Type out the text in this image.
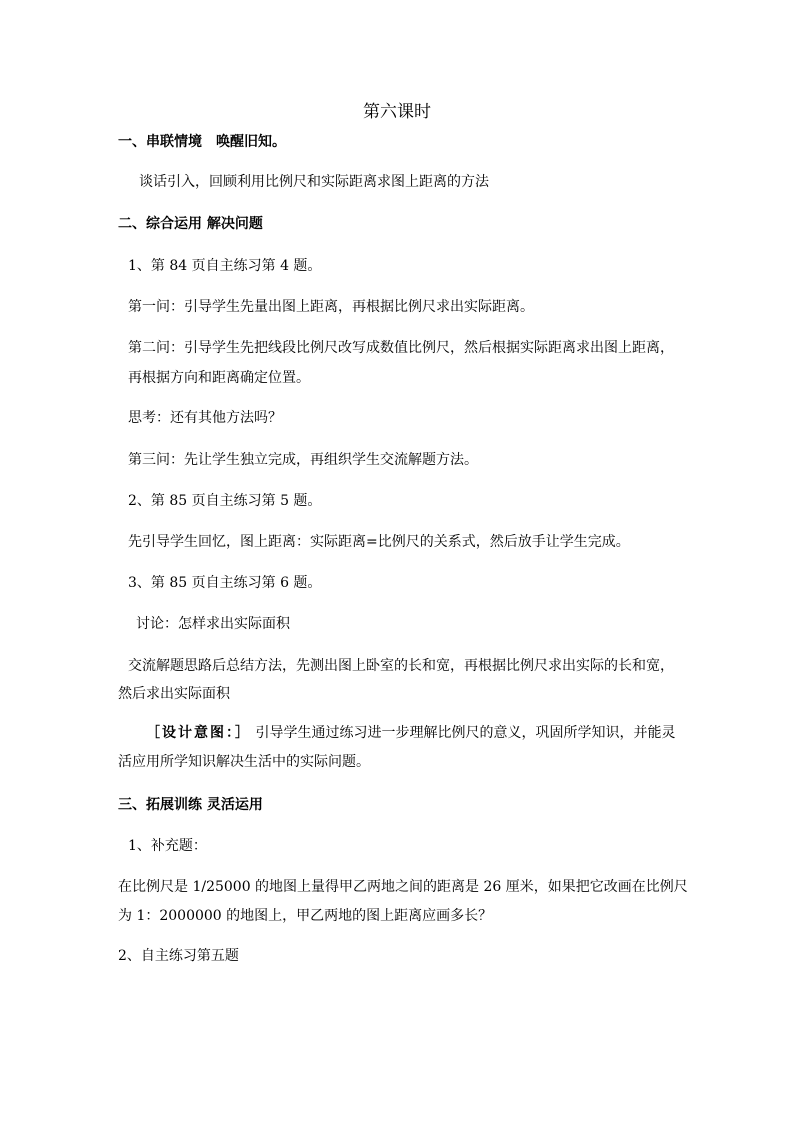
第六课时
一、串联情境　唤醒旧知。
谈话引入，回顾利用比例尺和实际距离求图上距离的方法
二、综合运用 解决问题
1、第 84 页自主练习第 4 题。
第一问：引导学生先量出图上距离，再根据比例尺求出实际距离。
第二问：引导学生先把线段比例尺改写成数值比例尺，然后根据实际距离求出图上距离，
再根据方向和距离确定位置。
思考：还有其他方法吗？
第三问：先让学生独立完成，再组织学生交流解题方法。
2、第 85 页自主练习第 5 题。
先引导学生回忆，图上距离：实际距离=比例尺的关系式，然后放手让学生完成。
3、第 85 页自主练习第 6 题。
讨论：怎样求出实际面积
交流解题思路后总结方法，先测出图上卧室的长和宽，再根据比例尺求出实际的长和宽，
然后求出实际面积
［设计意图：］ 引导学生通过练习进一步理解比例尺的意义，巩固所学知识，并能灵
活应用所学知识解决生活中的实际问题。
三、拓展训练 灵活运用
1、补充题：
在比例尺是 1/25000 的地图上量得甲乙两地之间的距离是 26 厘米，如果把它改画在比例尺
为 1：2000000 的地图上，甲乙两地的图上距离应画多长？
2、自主练习第五题
